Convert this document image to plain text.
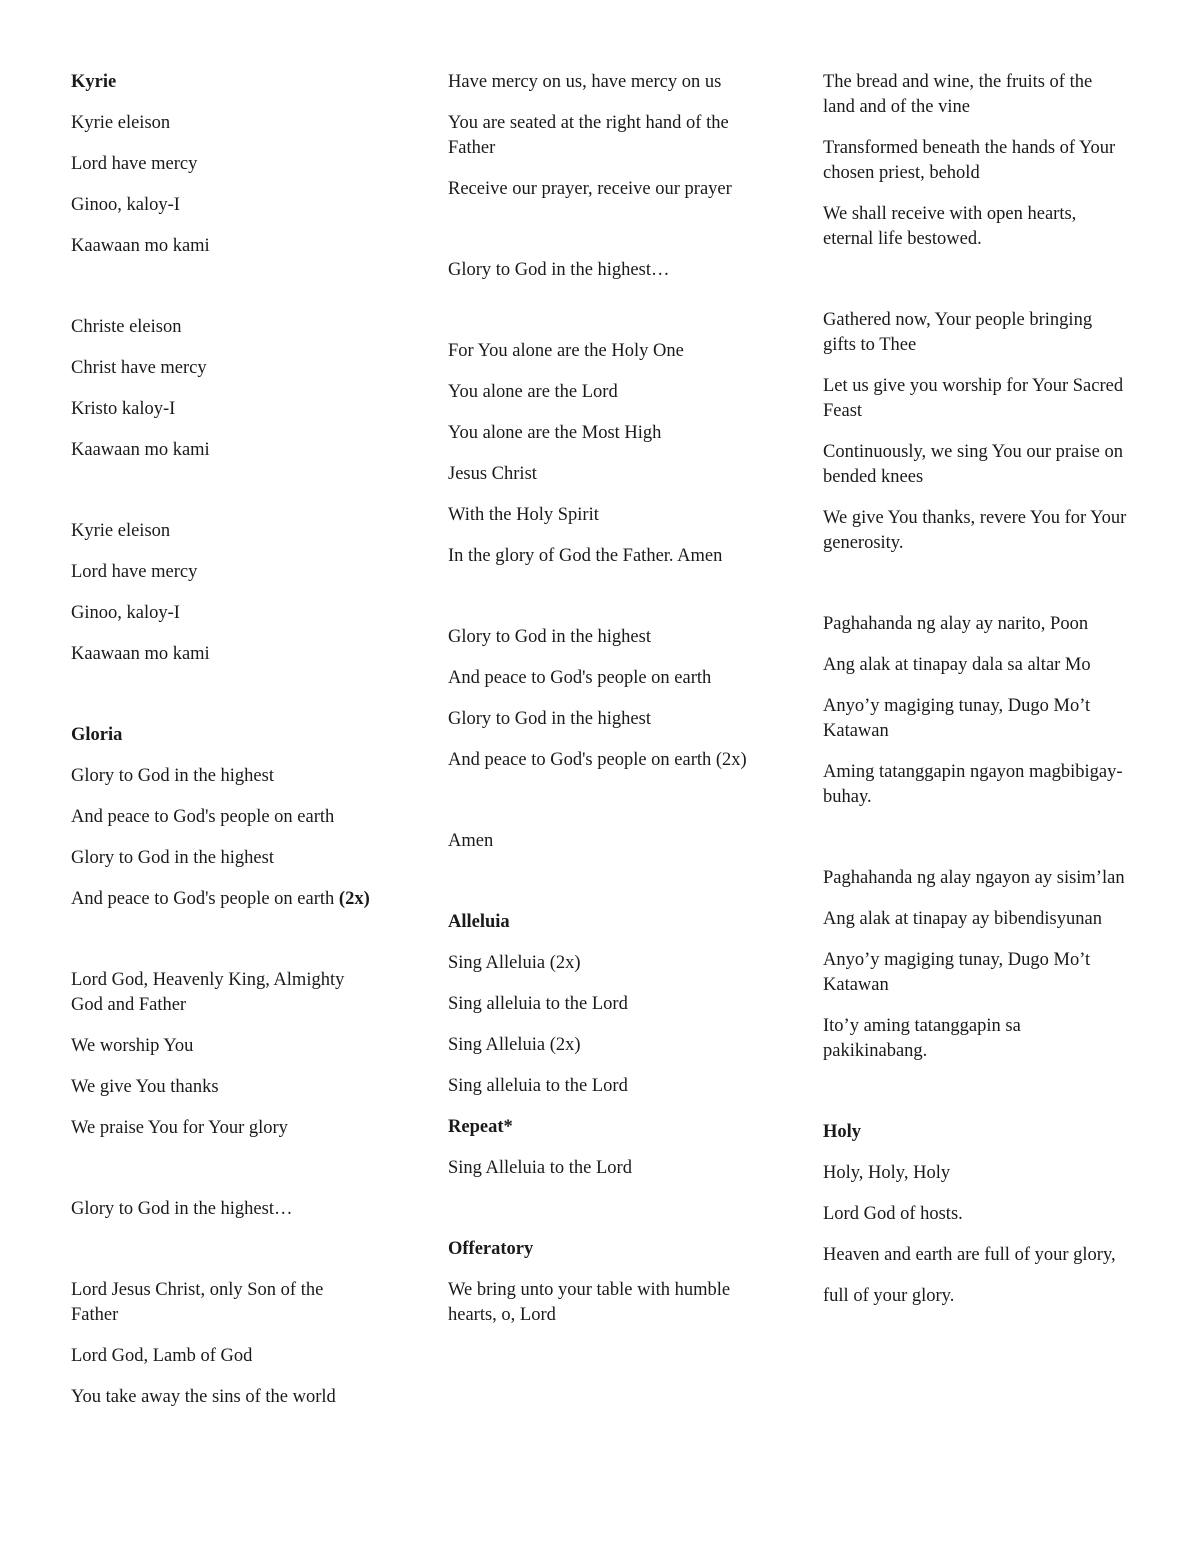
Kyrie
Kyrie eleison
Lord have mercy
Ginoo, kaloy-I
Kaawaan mo kami
Christe eleison
Christ have mercy
Kristo kaloy-I
Kaawaan mo kami
Kyrie eleison
Lord have mercy
Ginoo, kaloy-I
Kaawaan mo kami
Gloria
Glory to God in the highest
And peace to God's people on earth
Glory to God in the highest
And peace to God's people on earth (2x)
Lord God, Heavenly King, Almighty God and Father
We worship You
We give You thanks
We praise You for Your glory
Glory to God in the highest…
Lord Jesus Christ, only Son of the Father
Lord God, Lamb of God
You take away the sins of the world
Have mercy on us, have mercy on us
You are seated at the right hand of the Father
Receive our prayer, receive our prayer
Glory to God in the highest…
For You alone are the Holy One
You alone are the Lord
You alone are the Most High
Jesus Christ
With the Holy Spirit
In the glory of God the Father. Amen
Glory to God in the highest
And peace to God's people on earth
Glory to God in the highest
And peace to God's people on earth (2x)
Amen
Alleluia
Sing Alleluia (2x)
Sing alleluia to the Lord
Sing Alleluia (2x)
Sing alleluia to the Lord
Repeat*
Sing Alleluia to the Lord
Offeratory
We bring unto your table with humble hearts, o, Lord
The bread and wine, the fruits of the land and of the vine
Transformed beneath the hands of Your chosen priest, behold
We shall receive with open hearts, eternal life bestowed.
Gathered now, Your people bringing gifts to Thee
Let us give you worship for Your Sacred Feast
Continuously, we sing You our praise on bended knees
We give You thanks, revere You for Your generosity.
Paghahanda ng alay ay narito, Poon
Ang alak at tinapay dala sa altar Mo
Anyo’y magiging tunay, Dugo Mo’t Katawan
Aming tatanggapin ngayon magbibigay-buhay.
Paghahanda ng alay ngayon ay sisim’lan
Ang alak at tinapay ay bibendisyunan
Anyo’y magiging tunay, Dugo Mo’t Katawan
Ito’y aming tatanggapin sa pakikinabang.
Holy
Holy, Holy, Holy
Lord God of hosts.
Heaven and earth are full of your glory,
full of your glory.
